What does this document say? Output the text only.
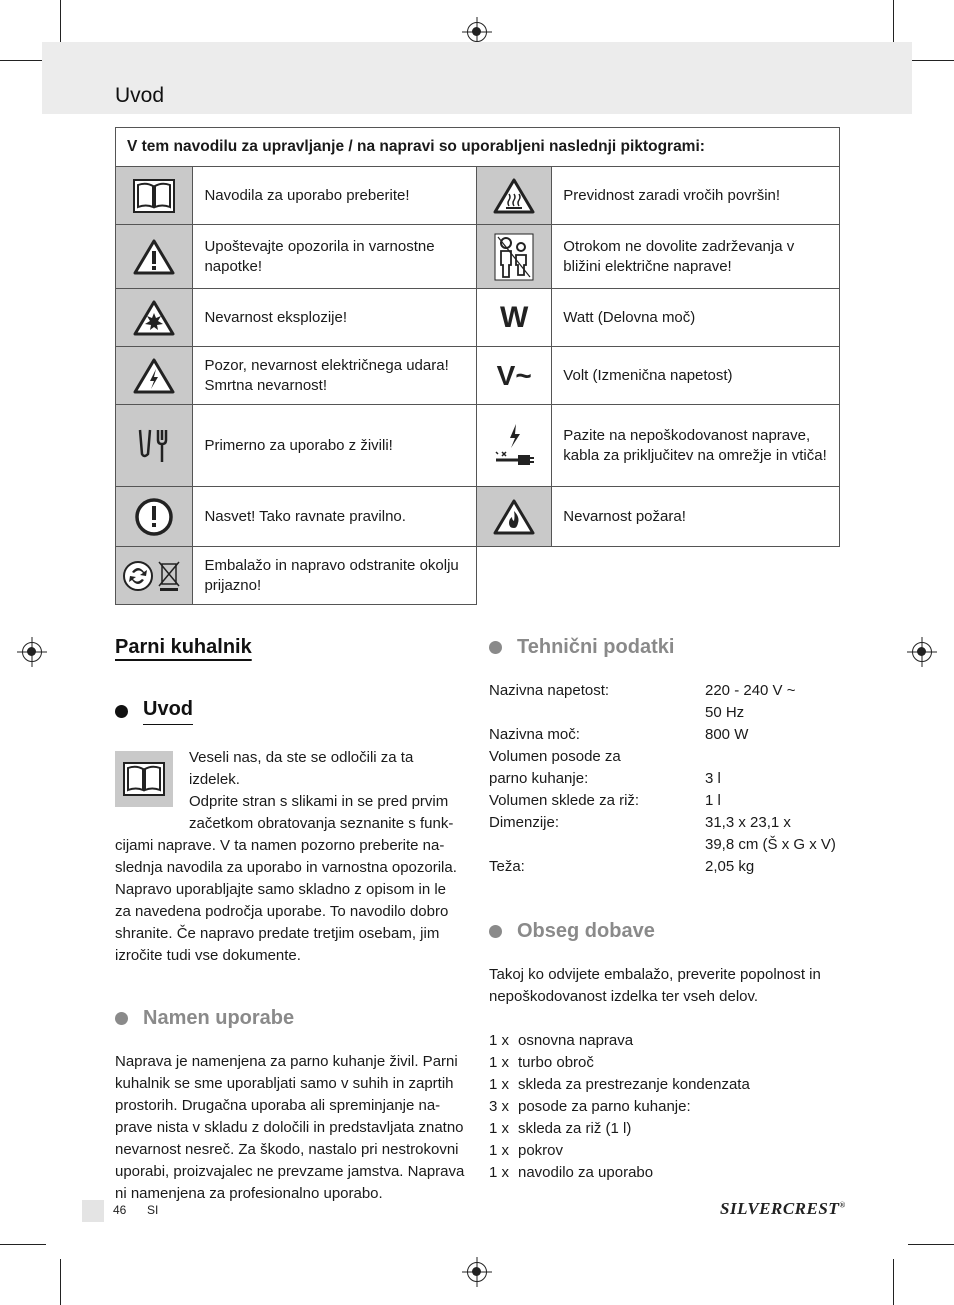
Uvod
V tem navodilu za upravljanje / na napravi so uporabljeni naslednji piktogrami:			

	Navodila za uporabo preberite!		Previdnost zaradi vročih površin!

	Upoštevajte opozorila in varnostne napotke!		Otrokom ne dovolite zadrževanja v bližini električne naprave!

	Nevarnost eksplozije!	W	Watt (Delovna moč)

	Pozor, nevarnost električnega udara! Smrtna nevarnost!	V~	Volt (Izmenična napetost)

	Primerno za uporabo z živili!		Pazite na nepoškodovanost naprave, kabla za priključitev na omrežje in vtiča!

	Nasvet! Tako ravnate pravilno.		Nevarnost požara!

	Embalažo in napravo odstranite okolju prijazno!		
Parni kuhalnik
Uvod

Veseli nas, da ste se odločili za ta izdelek.

Odprite stran s slikami in se pred prvim

začetkom obratovanja seznanite s funk-

cijami naprave. V ta namen pozorno preberite na-

slednja navodila za uporabo in varnostna opozorila.

Napravo uporabljajte samo skladno z opisom in le

za navedena področja uporabe. To navodilo dobro

shranite. Če napravo predate tretjim osebam, jim

izročite tudi vse dokumente.

Namen uporabe

Naprava je namenjena za parno kuhanje živil. Parni

kuhalnik se sme uporabljati samo v suhih in zaprtih

prostorih. Drugačna uporaba ali spreminjanje na-

prave nista v skladu z določili in predstavljata znatno

nevarnost nesreč. Za škodo, nastalo pri nestrokovni

uporabi, proizvajalec ne prevzame jamstva. Naprava

ni namenjena za profesionalno uporabo.

Tehnični podatki
Nazivna napetost:	220 - 240 V ~
50 Hz
Nazivna moč:	800 W
Volumen posode za
parno kuhanje:	3 l
Volumen sklede za riž:	1 l
Dimenzije:	31,3 x 23,1 x
39,8 cm (Š x G x V)
Teža:	2,05 kg
Obseg dobave

Takoj ko odvijete embalažo, preverite popolnost in

nepoškodovanost izdelka ter vseh delov.

1 x osnovna naprava
1 x turbo obroč
1 x skleda za prestrezanje kondenzata
3 x posode za parno kuhanje:
1 x skleda za riž (1 l)
1 x pokrov
1 x navodilo za uporabo
46 SI	SILVERCREST®
